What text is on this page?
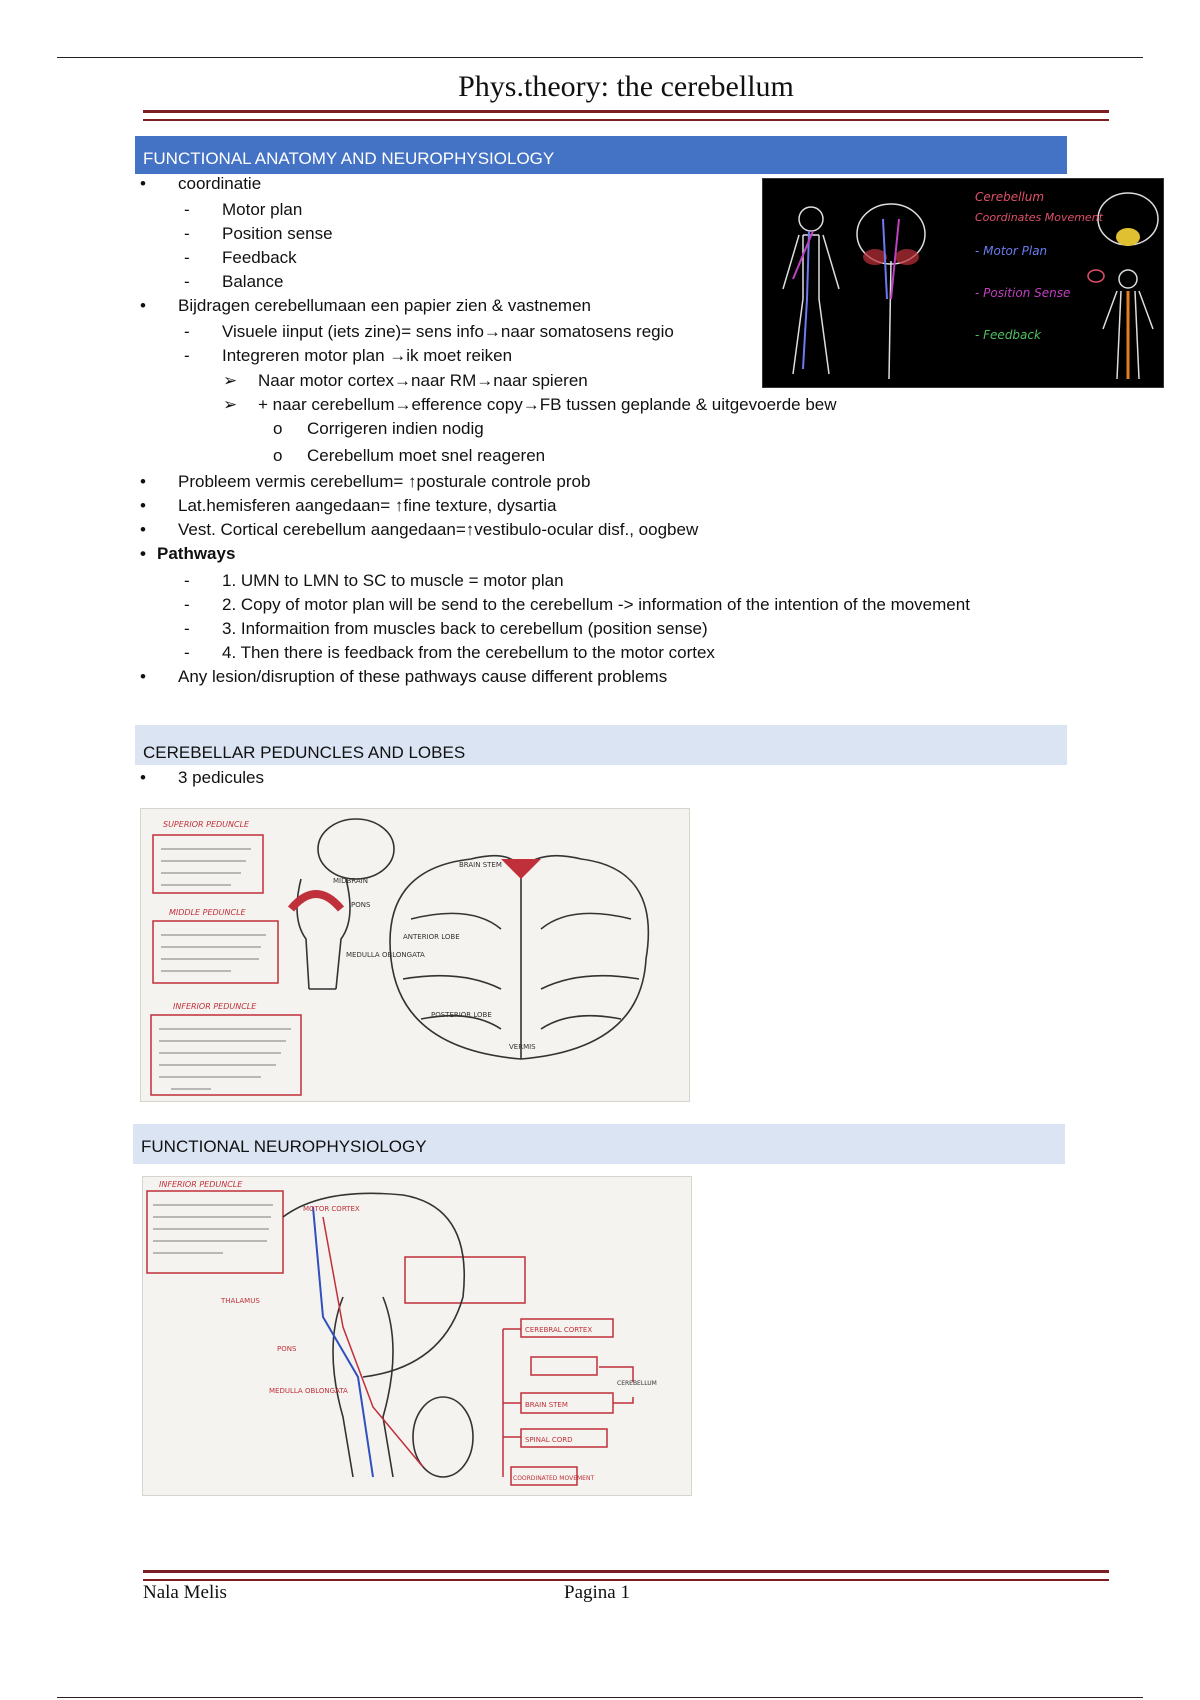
Phys.theory: the cerebellum
FUNCTIONAL ANATOMY AND NEUROPHYSIOLOGY
• coordinatie
- Motor plan
- Position sense
- Feedback
- Balance
• Bijdragen cerebellumaan een papier zien & vastnemen
- Visuele iinput (iets zine)= sens info→naar somatosens regio
- Integreren motor plan →ik moet reiken
➢ Naar motor cortex→naar RM→naar spieren
➢ + naar cerebellum→efference copy→FB tussen geplande & uitgevoerde bew
o Corrigeren indien nodig
o Cerebellum moet snel reageren
• Probleem vermis cerebellum= ↑posturale controle prob
• Lat.hemisferen aangedaan= ↑fine texture, dysartia
• Vest. Cortical cerebellum aangedaan=↑vestibulo-ocular disf., oogbew
• Pathways
- 1. UMN to LMN to SC to muscle = motor plan
- 2. Copy of motor plan will be send to the cerebellum -> information of the intention of the movement
- 3. Informaition from muscles back to cerebellum (position sense)
- 4. Then there is feedback from the cerebellum to the motor cortex
• Any lesion/disruption of these pathways cause different problems
Cerebellum
Coordinates Movement
- Motor Plan
- Position Sense
- Feedback
CEREBELLAR PEDUNCLES AND LOBES
• 3 pedicules
SUPERIOR PEDUNCLE
MIDDLE PEDUNCLE
INFERIOR PEDUNCLE
MIDBRAIN
PONS
MEDULLA OBLONGATA
BRAIN STEM
ANTERIOR LOBE
POSTERIOR LOBE
VERMIS
FUNCTIONAL NEUROPHYSIOLOGY
INFERIOR PEDUNCLE
MOTOR CORTEX
THALAMUS
PONS
MEDULLA OBLONGATA
CEREBRAL CORTEX
BRAIN STEM
SPINAL CORD
CEREBELLUM
COORDINATED MOVEMENT
Nala Melis	Pagina 1
